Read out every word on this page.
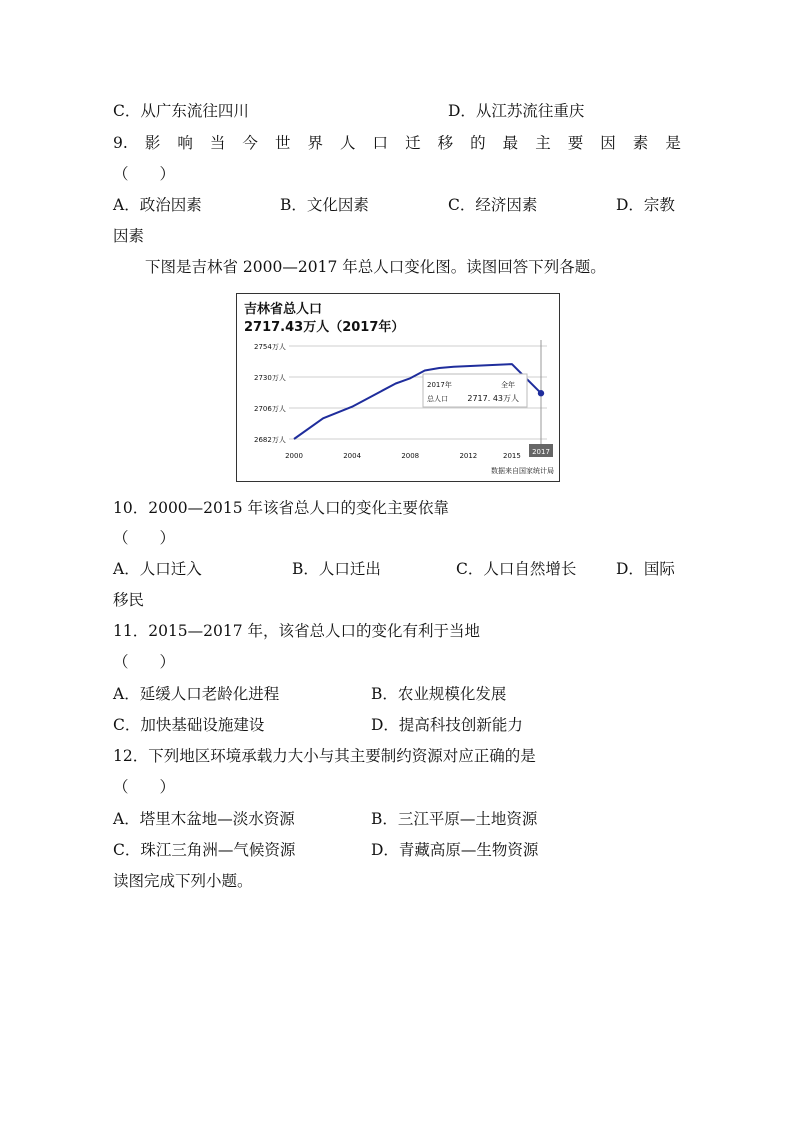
C．从广东流往四川	D．从江苏流往重庆
9. 影 响 当 今 世 界 人 口 迁 移 的 最 主 要 因 素 是
（　　）
A．政治因素	B．文化因素	C．经济因素	D．宗教
因素
下图是吉林省 2000—2017 年总人口变化图。读图回答下列各题。
吉林省总人口
2717.43万人（2017年）
2682万人
2706万人
2730万人
2754万人
2017年	全年
总人口 2717. 43万人
2000	2004	2008	2012	2015 2017
数据来自国家统计局
10．2000—2015 年该省总人口的变化主要依靠
（　　）
A．人口迁入	B．人口迁出	C．人口自然增长	D．国际
移民
11．2015—2017 年，该省总人口的变化有利于当地
（　　）
A．延缓人口老龄化进程	B．农业规模化发展
C．加快基础设施建设	D．提高科技创新能力
12．下列地区环境承载力大小与其主要制约资源对应正确的是
（　　）
A．塔里木盆地—淡水资源	B．三江平原—土地资源
C．珠江三角洲—气候资源	D．青藏高原—生物资源
读图完成下列小题。
